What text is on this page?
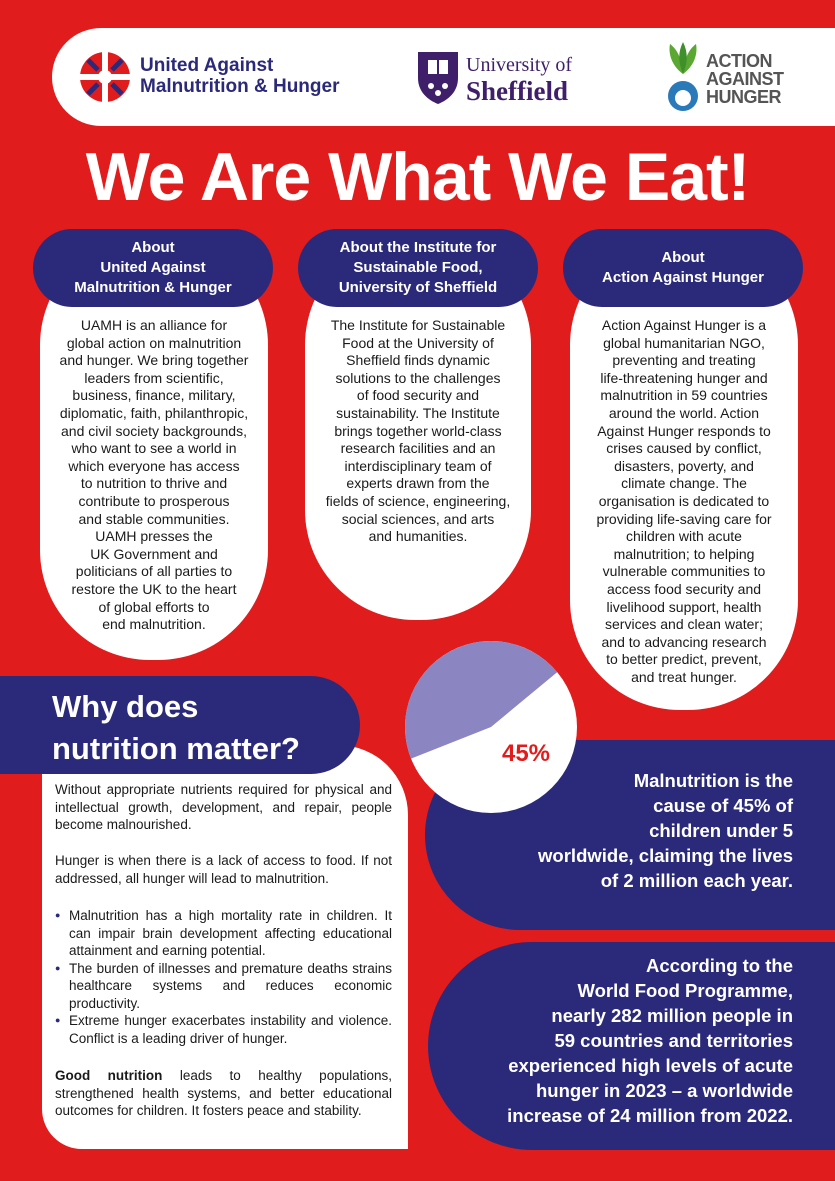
United Against
Malnutrition & Hunger
University of
Sheffield
ACTION
AGAINST
HUNGER
We Are What We Eat!
About
United Against
Malnutrition & Hunger
UAMH is an alliance for
global action on malnutrition
and hunger. We bring together
leaders from scientific,
business, finance, military,
diplomatic, faith, philanthropic,
and civil society backgrounds,
who want to see a world in
which everyone has access
to nutrition to thrive and
contribute to prosperous
and stable communities.
UAMH presses the
UK Government and
politicians of all parties to
restore the UK to the heart
of global efforts to
end malnutrition.
About the Institute for
Sustainable Food,
University of Sheffield
The Institute for Sustainable
Food at the University of
Sheffield finds dynamic
solutions to the challenges
of food security and
sustainability. The Institute
brings together world-class
research facilities and an
interdisciplinary team of
experts drawn from the
fields of science, engineering,
social sciences, and arts
and humanities.
About
Action Against Hunger
Action Against Hunger is a
global humanitarian NGO,
preventing and treating
life-threatening hunger and
malnutrition in 59 countries
around the world. Action
Against Hunger responds to
crises caused by conflict,
disasters, poverty, and
climate change. The
organisation is dedicated to
providing life-saving care for
children with acute
malnutrition; to helping
vulnerable communities to
access food security and
livelihood support, health
services and clean water;
and to advancing research
to better predict, prevent,
and treat hunger.
Why does
nutrition matter?

Without appropriate nutrients required for physical and intellectual growth, development, and repair, people become malnourished.

Hunger is when there is a lack of access to food. If not addressed, all hunger will lead to malnutrition.

● Malnutrition has a high mortality rate in children. It can impair brain development affecting educational attainment and earning potential.
● The burden of illnesses and premature deaths strains healthcare systems and reduces economic productivity.
● Extreme hunger exacerbates instability and violence. Conflict is a leading driver of hunger.

Good nutrition leads to healthy populations, strengthened health systems, and better educational outcomes for children. It fosters peace and stability.

Malnutrition is the
cause of 45% of
children under 5
worldwide, claiming the lives
of 2 million each year.
According to the
World Food Programme,
nearly 282 million people in
59 countries and territories
experienced high levels of acute
hunger in 2023 – a worldwide
increase of 24 million from 2022.
45%
